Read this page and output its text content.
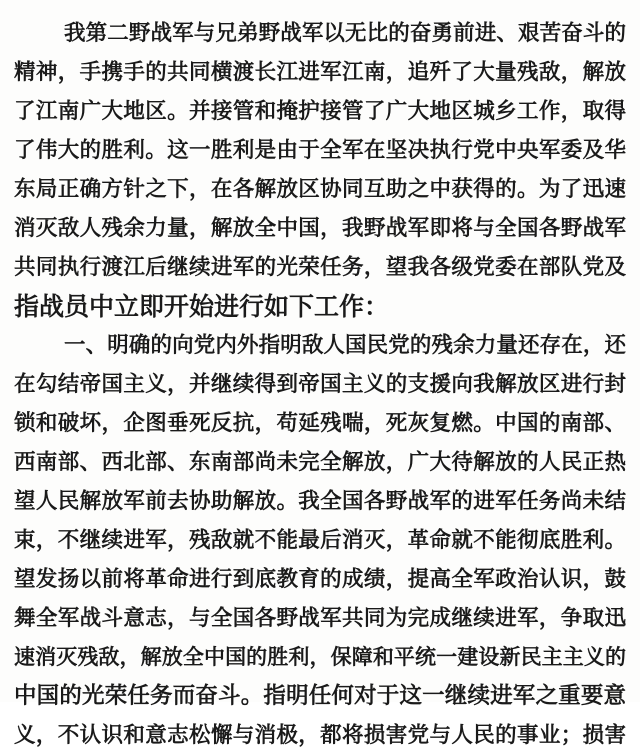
我第二野战军与兄弟野战军以无比的奋勇前进、艰苦奋斗的
精神，手携手的共同横渡长江进军江南，追歼了大量残敌，解放
了江南广大地区。并接管和掩护接管了广大地区城乡工作，取得
了伟大的胜利。这一胜利是由于全军在坚决执行党中央军委及华
东局正确方针之下，在各解放区协同互助之中获得的。为了迅速
消灭敌人残余力量，解放全中国，我野战军即将与全国各野战军
共同执行渡江后继续进军的光荣任务，望我各级党委在部队党及
指战员中立即开始进行如下工作：
一、明确的向党内外指明敌人国民党的残余力量还存在，还
在勾结帝国主义，并继续得到帝国主义的支援向我解放区进行封
锁和破坏，企图垂死反抗，苟延残喘，死灰复燃。中国的南部、
西南部、西北部、东南部尚未完全解放，广大待解放的人民正热
望人民解放军前去协助解放。我全国各野战军的进军任务尚未结
束，不继续进军，残敌就不能最后消灭，革命就不能彻底胜利。
望发扬以前将革命进行到底教育的成绩，提高全军政治认识，鼓
舞全军战斗意志，与全国各野战军共同为完成继续进军，争取迅
速消灭残敌，解放全中国的胜利，保障和平统一建设新民主主义的
中国的光荣任务而奋斗。指明任何对于这一继续进军之重要意
义，不认识和意志松懈与消极，都将损害党与人民的事业；损害
